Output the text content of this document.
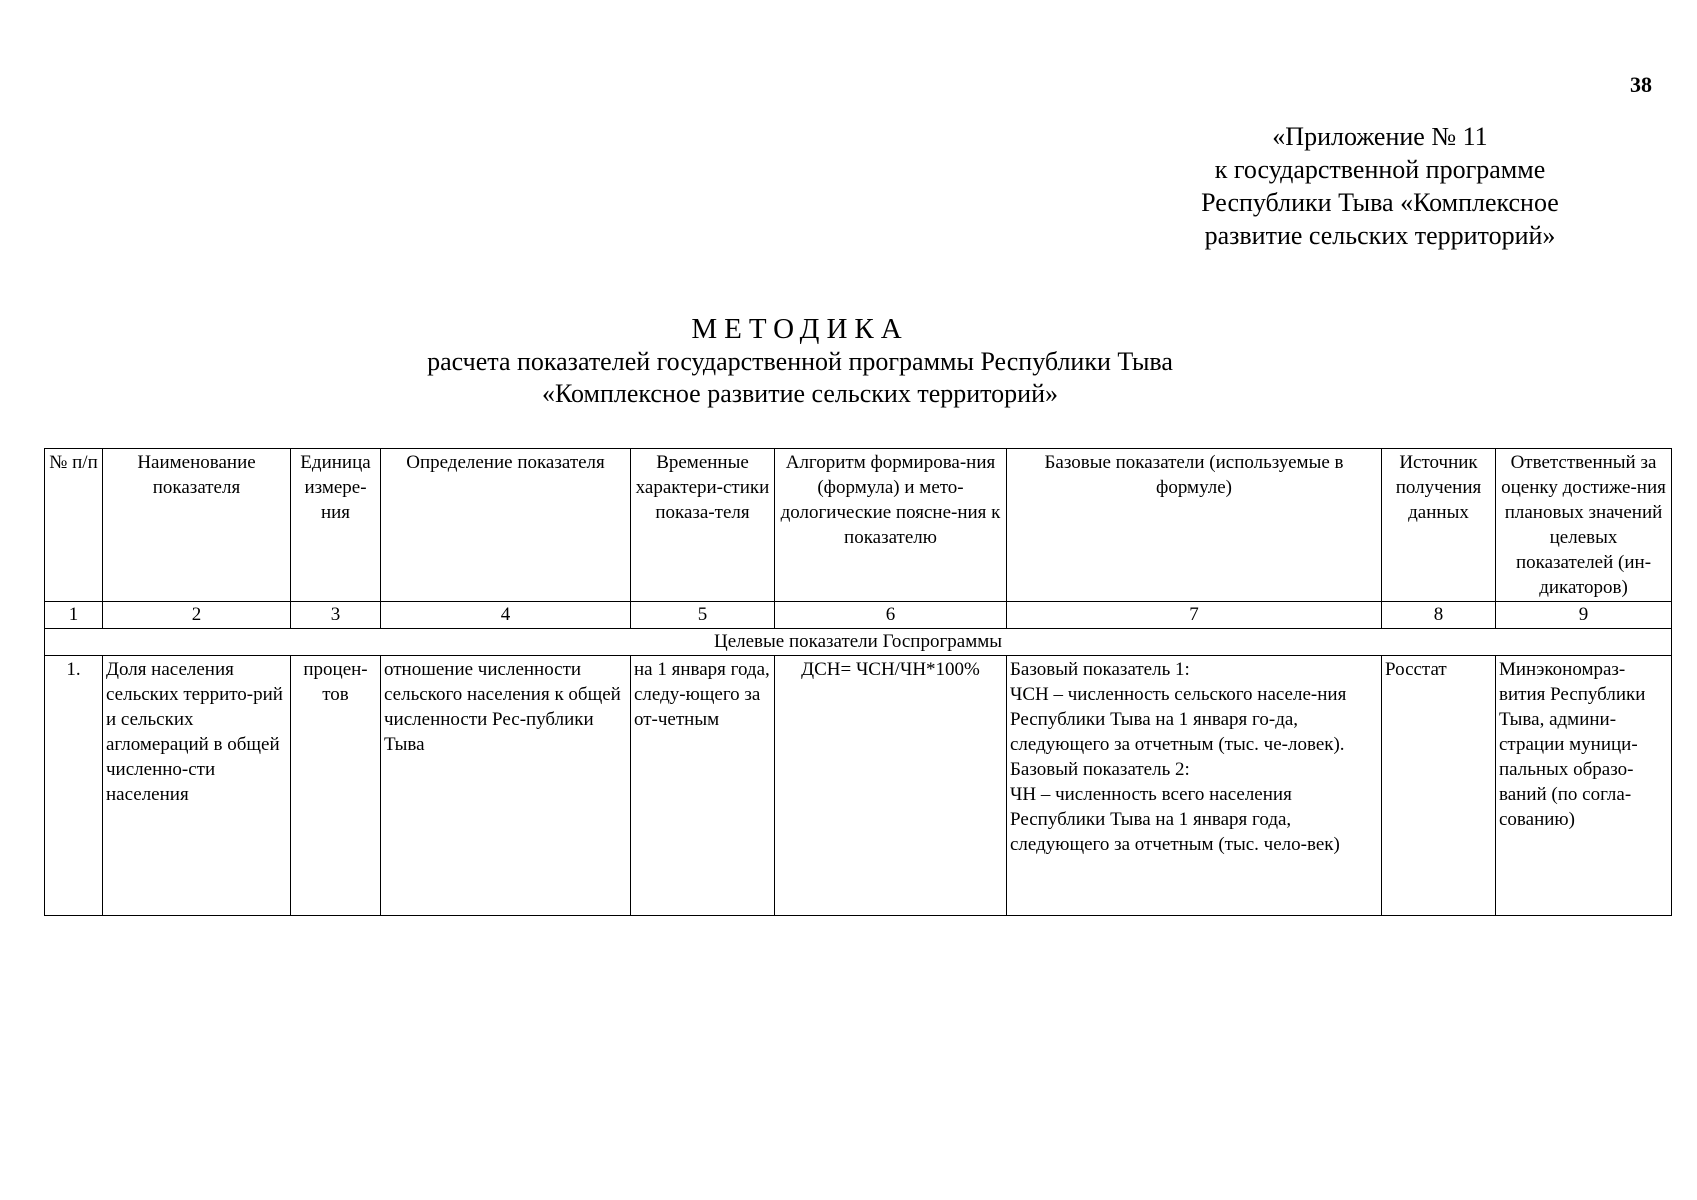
38
«Приложение № 11
к государственной программе
Республики Тыва «Комплексное
развитие сельских территорий»
МЕТОДИКА
расчета показателей государственной программы Республики Тыва
«Комплексное развитие сельских территорий»
№ п/п	Наименование показателя	Единица измере-ния	Определение показателя	Временные характери-стики показа-теля	Алгоритм формирова-ния (формула) и мето-дологические поясне-ния к показателю	Базовые показатели (используемые в формуле)	Источник получения данных	Ответственный за оценку достиже-ния плановых значений целевых показателей (ин-дикаторов)
1	2	3	4	5	6	7	8	9
Целевые показатели Госпрограммы								
1.	Доля населения сельских террито-рий и сельских агломераций в общей численно-сти населения	процен-тов	отношение численности сельского населения к общей численности Рес-публики Тыва	на 1 января года, следу-ющего за от-четным	ДСН= ЧСН/ЧН*100%	Базовый показатель 1:
ЧСН – численность сельского населе-ния Республики Тыва на 1 января го-да, следующего за отчетным (тыс. че-ловек).
Базовый показатель 2:
ЧН – численность всего населения Республики Тыва на 1 января года, следующего за отчетным (тыс. чело-век)	Росстат	Минэкономраз-вития Республики Тыва, админи-страции муници-пальных образо-ваний (по согла-сованию)
